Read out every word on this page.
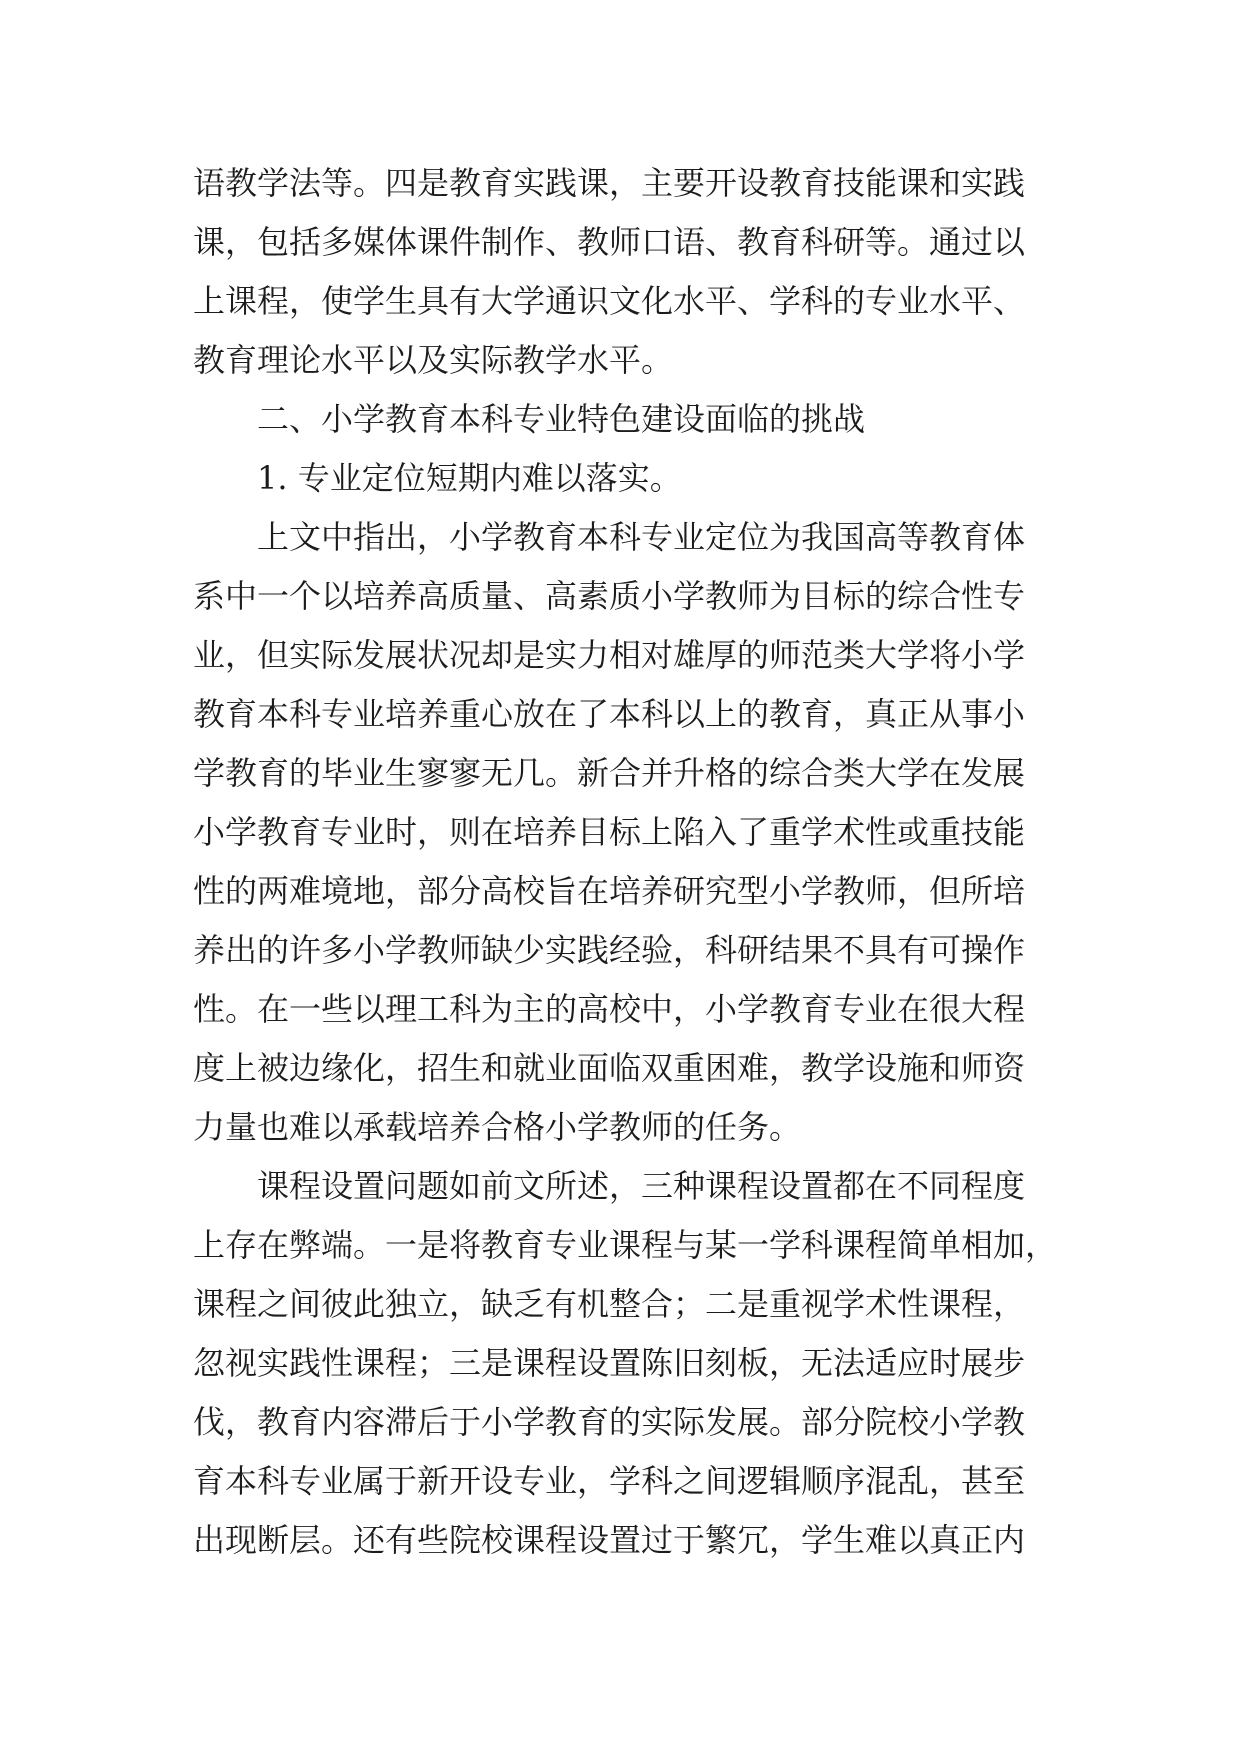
语教学法等。四是教育实践课，主要开设教育技能课和实践
课，包括多媒体课件制作、教师口语、教育科研等。通过以
上课程，使学生具有大学通识文化水平、学科的专业水平、
教育理论水平以及实际教学水平。
二、小学教育本科专业特色建设面临的挑战
1. 专业定位短期内难以落实。
上文中指出，小学教育本科专业定位为我国高等教育体
系中一个以培养高质量、高素质小学教师为目标的综合性专
业，但实际发展状况却是实力相对雄厚的师范类大学将小学
教育本科专业培养重心放在了本科以上的教育，真正从事小
学教育的毕业生寥寥无几。新合并升格的综合类大学在发展
小学教育专业时，则在培养目标上陷入了重学术性或重技能
性的两难境地，部分高校旨在培养研究型小学教师，但所培
养出的许多小学教师缺少实践经验，科研结果不具有可操作
性。在一些以理工科为主的高校中，小学教育专业在很大程
度上被边缘化，招生和就业面临双重困难，教学设施和师资
力量也难以承载培养合格小学教师的任务。
课程设置问题如前文所述，三种课程设置都在不同程度
上存在弊端。一是将教育专业课程与某一学科课程简单相加，
课程之间彼此独立，缺乏有机整合；二是重视学术性课程，
忽视实践性课程；三是课程设置陈旧刻板，无法适应时展步
伐，教育内容滞后于小学教育的实际发展。部分院校小学教
育本科专业属于新开设专业，学科之间逻辑顺序混乱，甚至
出现断层。还有些院校课程设置过于繁冗，学生难以真正内
